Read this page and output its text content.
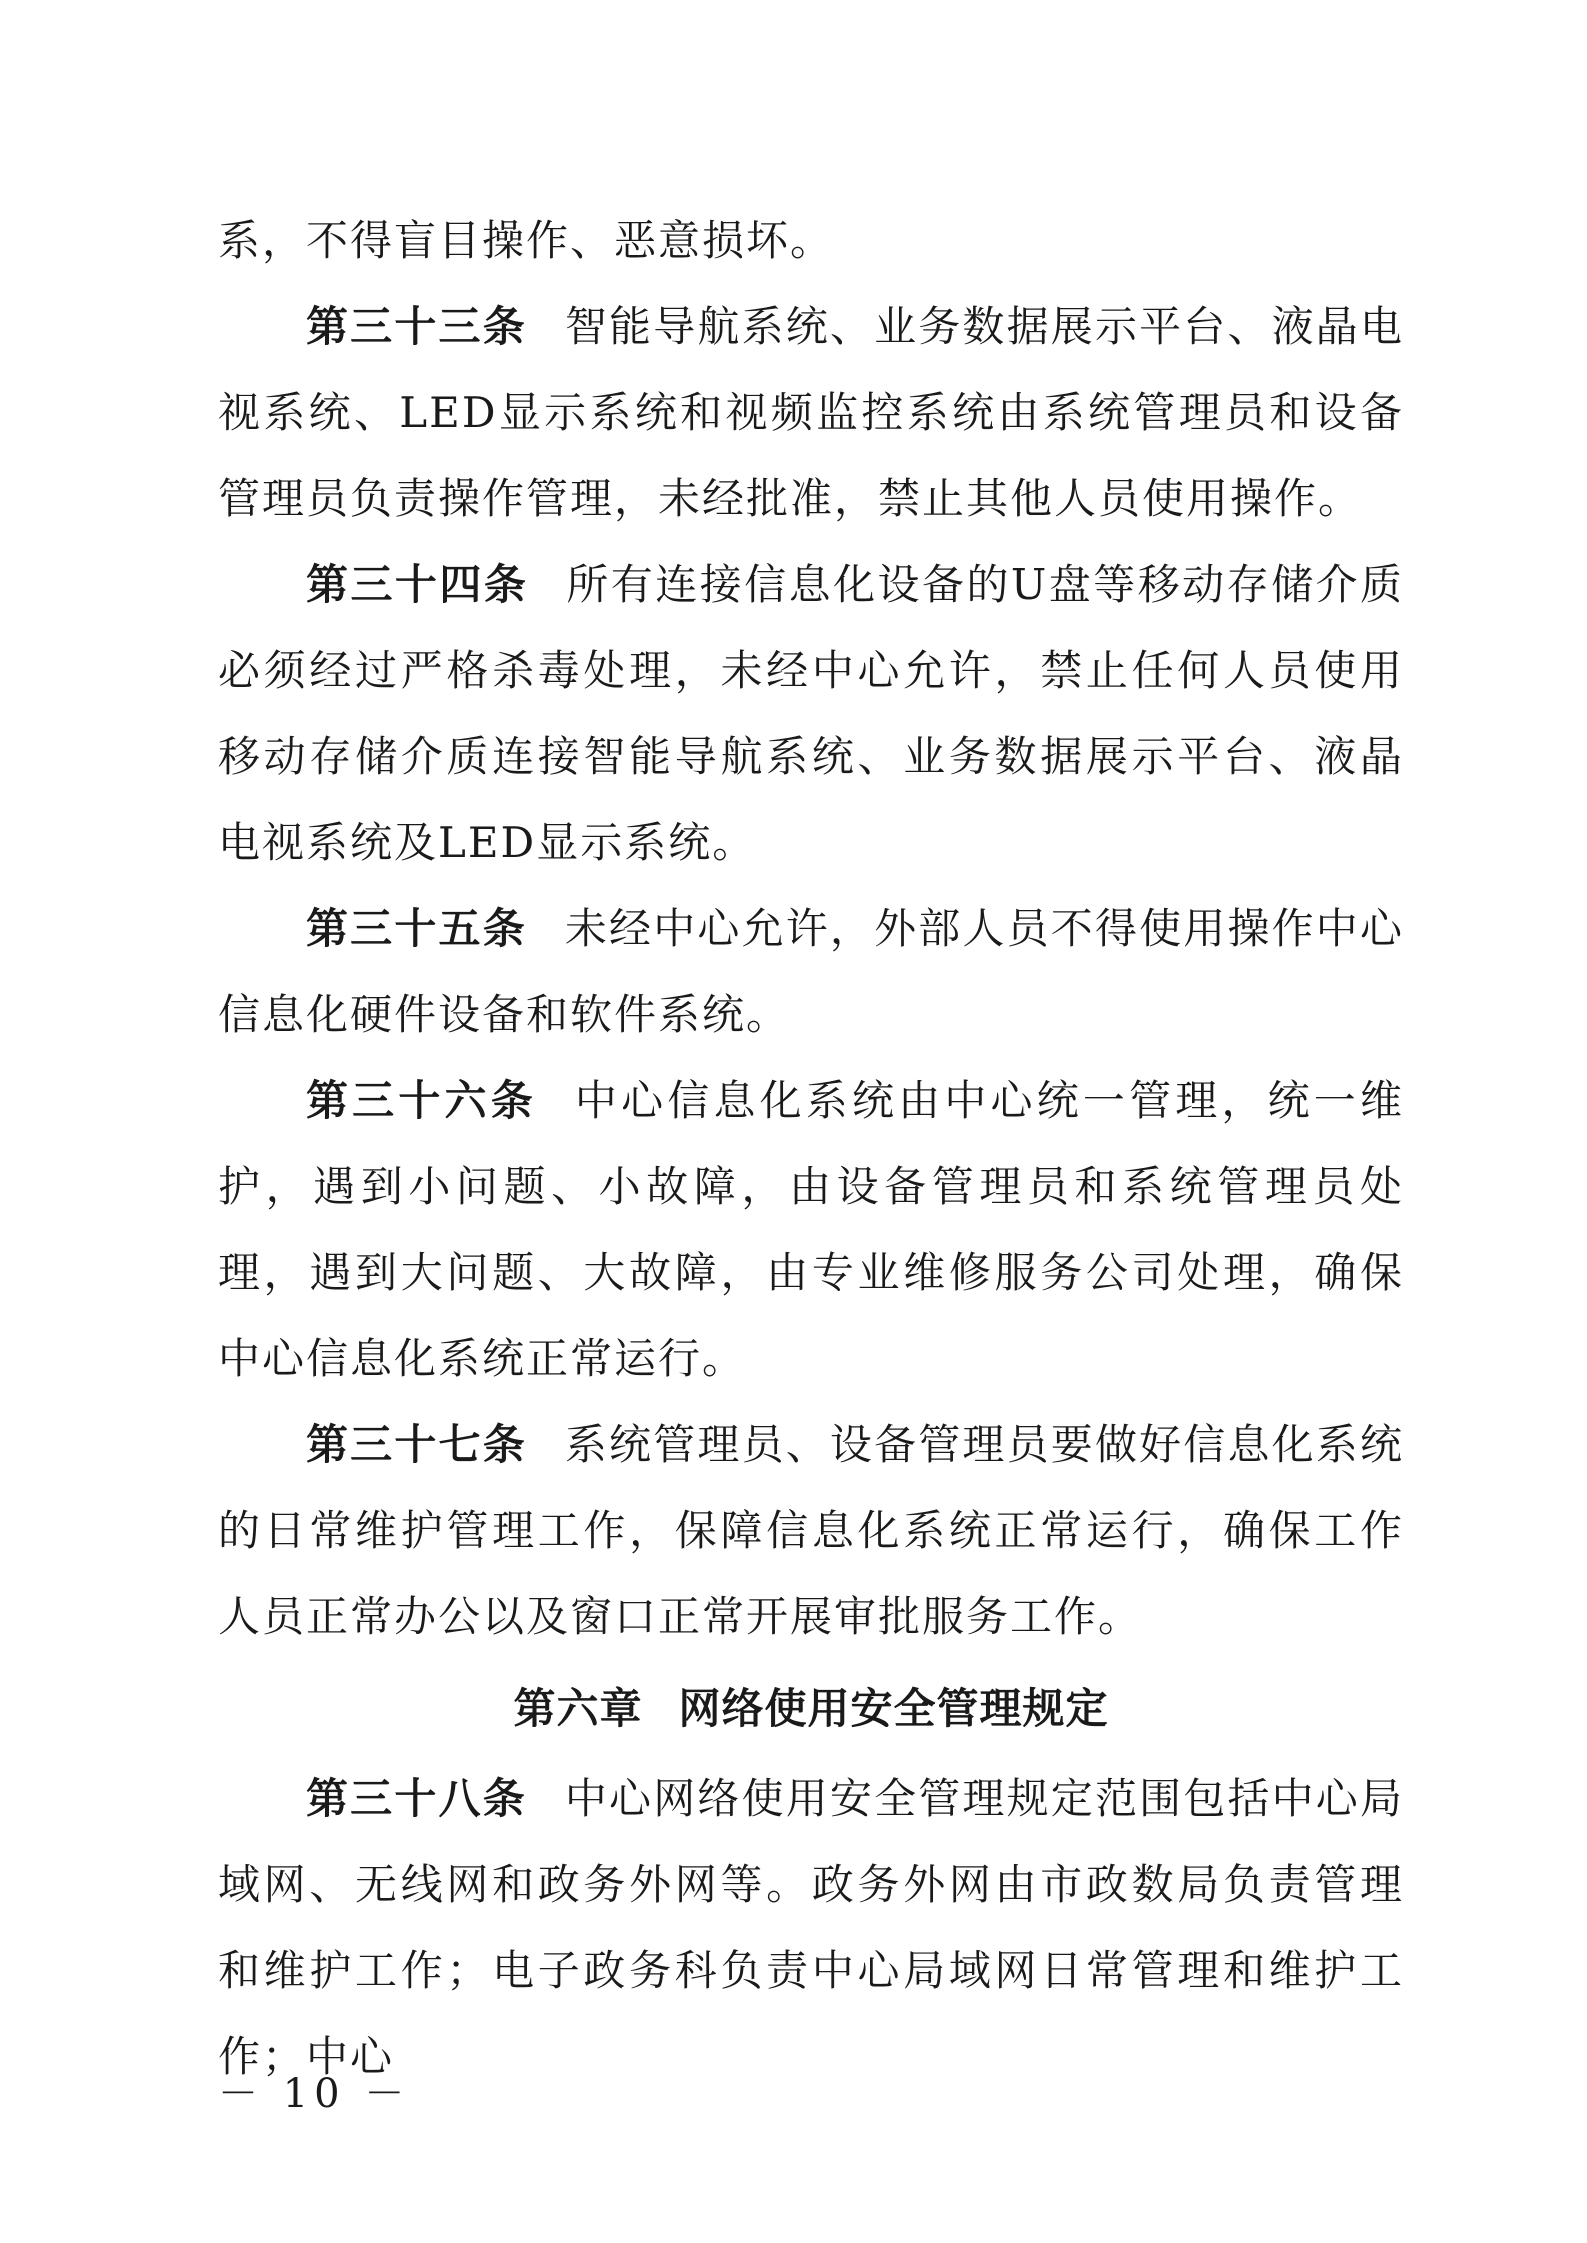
系，不得盲目操作、恶意损坏。

第三十三条 智能导航系统、业务数据展示平台、液晶电视系统、LED显示系统和视频监控系统由系统管理员和设备管理员负责操作管理，未经批准，禁止其他人员使用操作。

第三十四条 所有连接信息化设备的U盘等移动存储介质必须经过严格杀毒处理，未经中心允许，禁止任何人员使用移动存储介质连接智能导航系统、业务数据展示平台、液晶电视系统及LED显示系统。

第三十五条 未经中心允许，外部人员不得使用操作中心信息化硬件设备和软件系统。

第三十六条 中心信息化系统由中心统一管理，统一维护，遇到小问题、小故障，由设备管理员和系统管理员处理，遇到大问题、大故障，由专业维修服务公司处理，确保中心信息化系统正常运行。

第三十七条 系统管理员、设备管理员要做好信息化系统的日常维护管理工作，保障信息化系统正常运行，确保工作人员正常办公以及窗口正常开展审批服务工作。

第六章 网络使用安全管理规定

第三十八条 中心网络使用安全管理规定范围包括中心局域网、无线网和政务外网等。政务外网由市政数局负责管理和维护工作；电子政务科负责中心局域网日常管理和维护工作；中心

－ 10 －
